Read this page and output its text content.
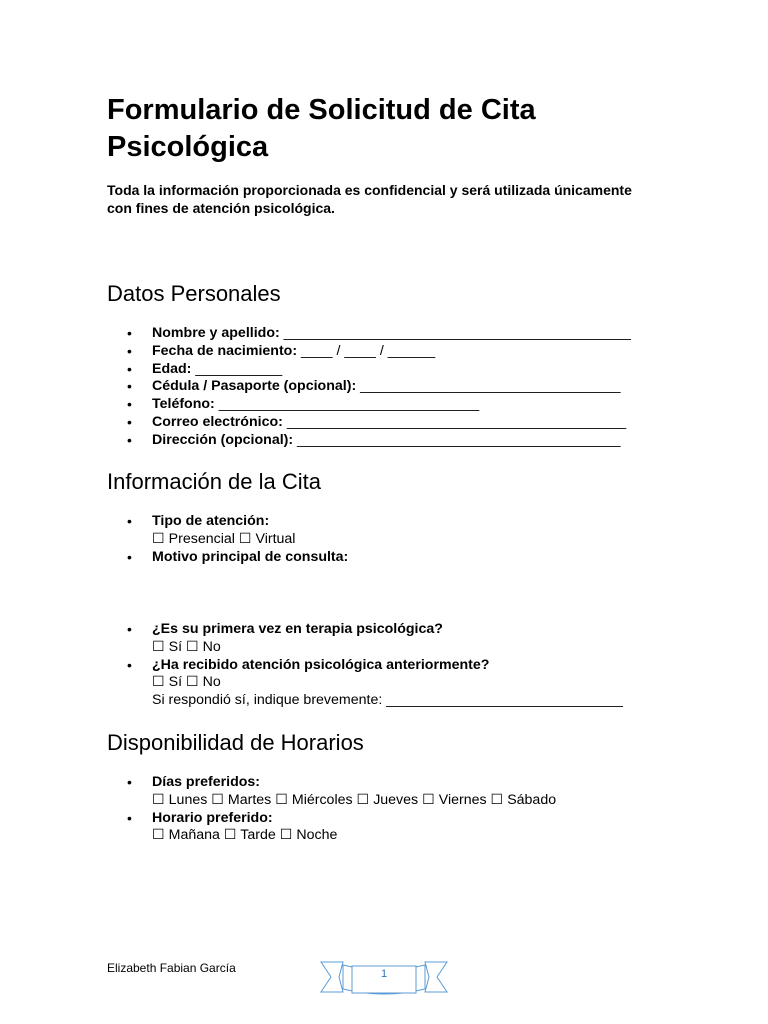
Formulario de Solicitud de Cita Psicológica

Toda la información proporcionada es confidencial y será utilizada únicamente con fines de atención psicológica.

Datos Personales
• Nombre y apellido: ____________________________________________
• Fecha de nacimiento: ____ / ____ / ______
• Edad: ___________
• Cédula / Pasaporte (opcional): _________________________________
• Teléfono: _________________________________
• Correo electrónico: ___________________________________________
• Dirección (opcional): _________________________________________
Información de la Cita
• Tipo de atención:
☐ Presencial ☐ Virtual
• Motivo principal de consulta:
• ¿Es su primera vez en terapia psicológica?
☐ Sí ☐ No
• ¿Ha recibido atención psicológica anteriormente?
☐ Sí ☐ No
Si respondió sí, indique brevemente: ______________________________
Disponibilidad de Horarios
• Días preferidos:
☐ Lunes ☐ Martes ☐ Miércoles ☐ Jueves ☐ Viernes ☐ Sábado
• Horario preferido:
☐ Mañana ☐ Tarde ☐ Noche
Elizabeth Fabian García	1
